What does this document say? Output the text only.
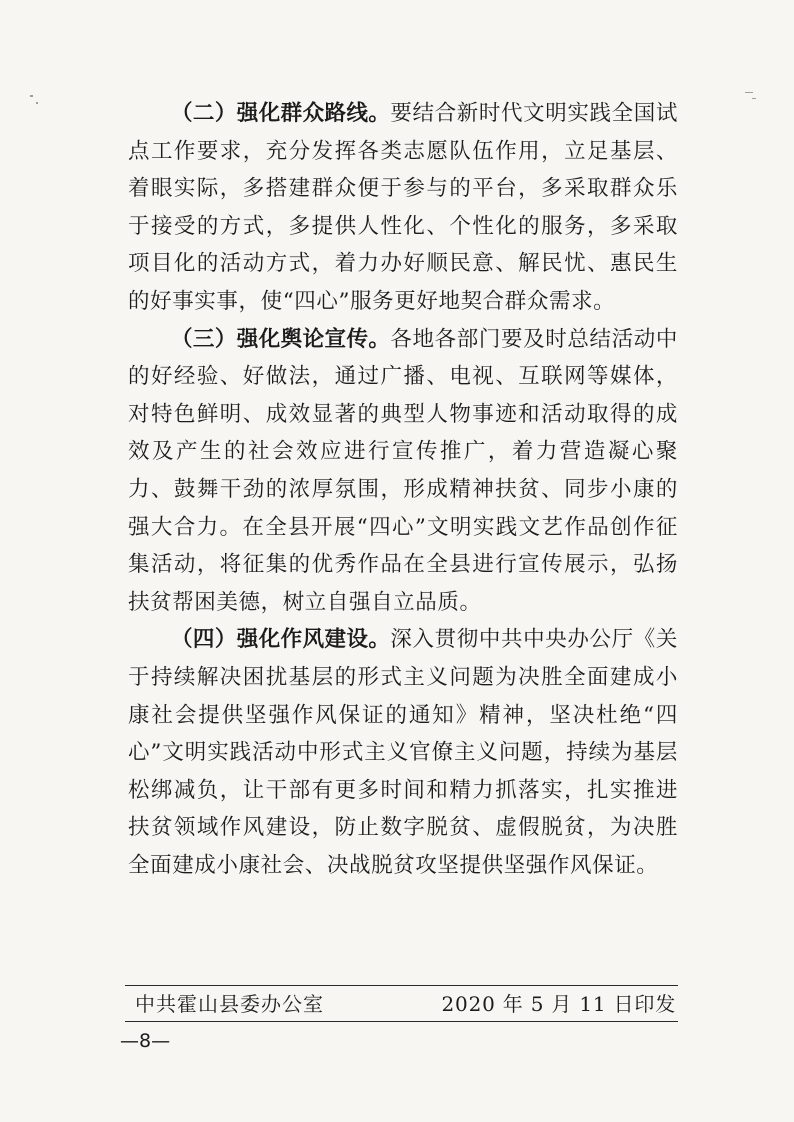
（二）强化群众路线。要结合新时代文明实践全国试点工作要求，充分发挥各类志愿队伍作用，立足基层、着眼实际，多搭建群众便于参与的平台，多采取群众乐于接受的方式，多提供人性化、个性化的服务，多采取项目化的活动方式，着力办好顺民意、解民忧、惠民生的好事实事，使“四心”服务更好地契合群众需求。

（三）强化舆论宣传。各地各部门要及时总结活动中的好经验、好做法，通过广播、电视、互联网等媒体，对特色鲜明、成效显著的典型人物事迹和活动取得的成效及产生的社会效应进行宣传推广，着力营造凝心聚力、鼓舞干劲的浓厚氛围，形成精神扶贫、同步小康的强大合力。在全县开展“四心”文明实践文艺作品创作征集活动，将征集的优秀作品在全县进行宣传展示，弘扬扶贫帮困美德，树立自强自立品质。

（四）强化作风建设。深入贯彻中共中央办公厅《关于持续解决困扰基层的形式主义问题为决胜全面建成小康社会提供坚强作风保证的通知》精神，坚决杜绝“四心”文明实践活动中形式主义官僚主义问题，持续为基层松绑减负，让干部有更多时间和精力抓落实，扎实推进扶贫领域作风建设，防止数字脱贫、虚假脱贫，为决胜全面建成小康社会、决战脱贫攻坚提供坚强作风保证。

中共霍山县委办公室	2020 年 5 月 11 日印发
—8—
